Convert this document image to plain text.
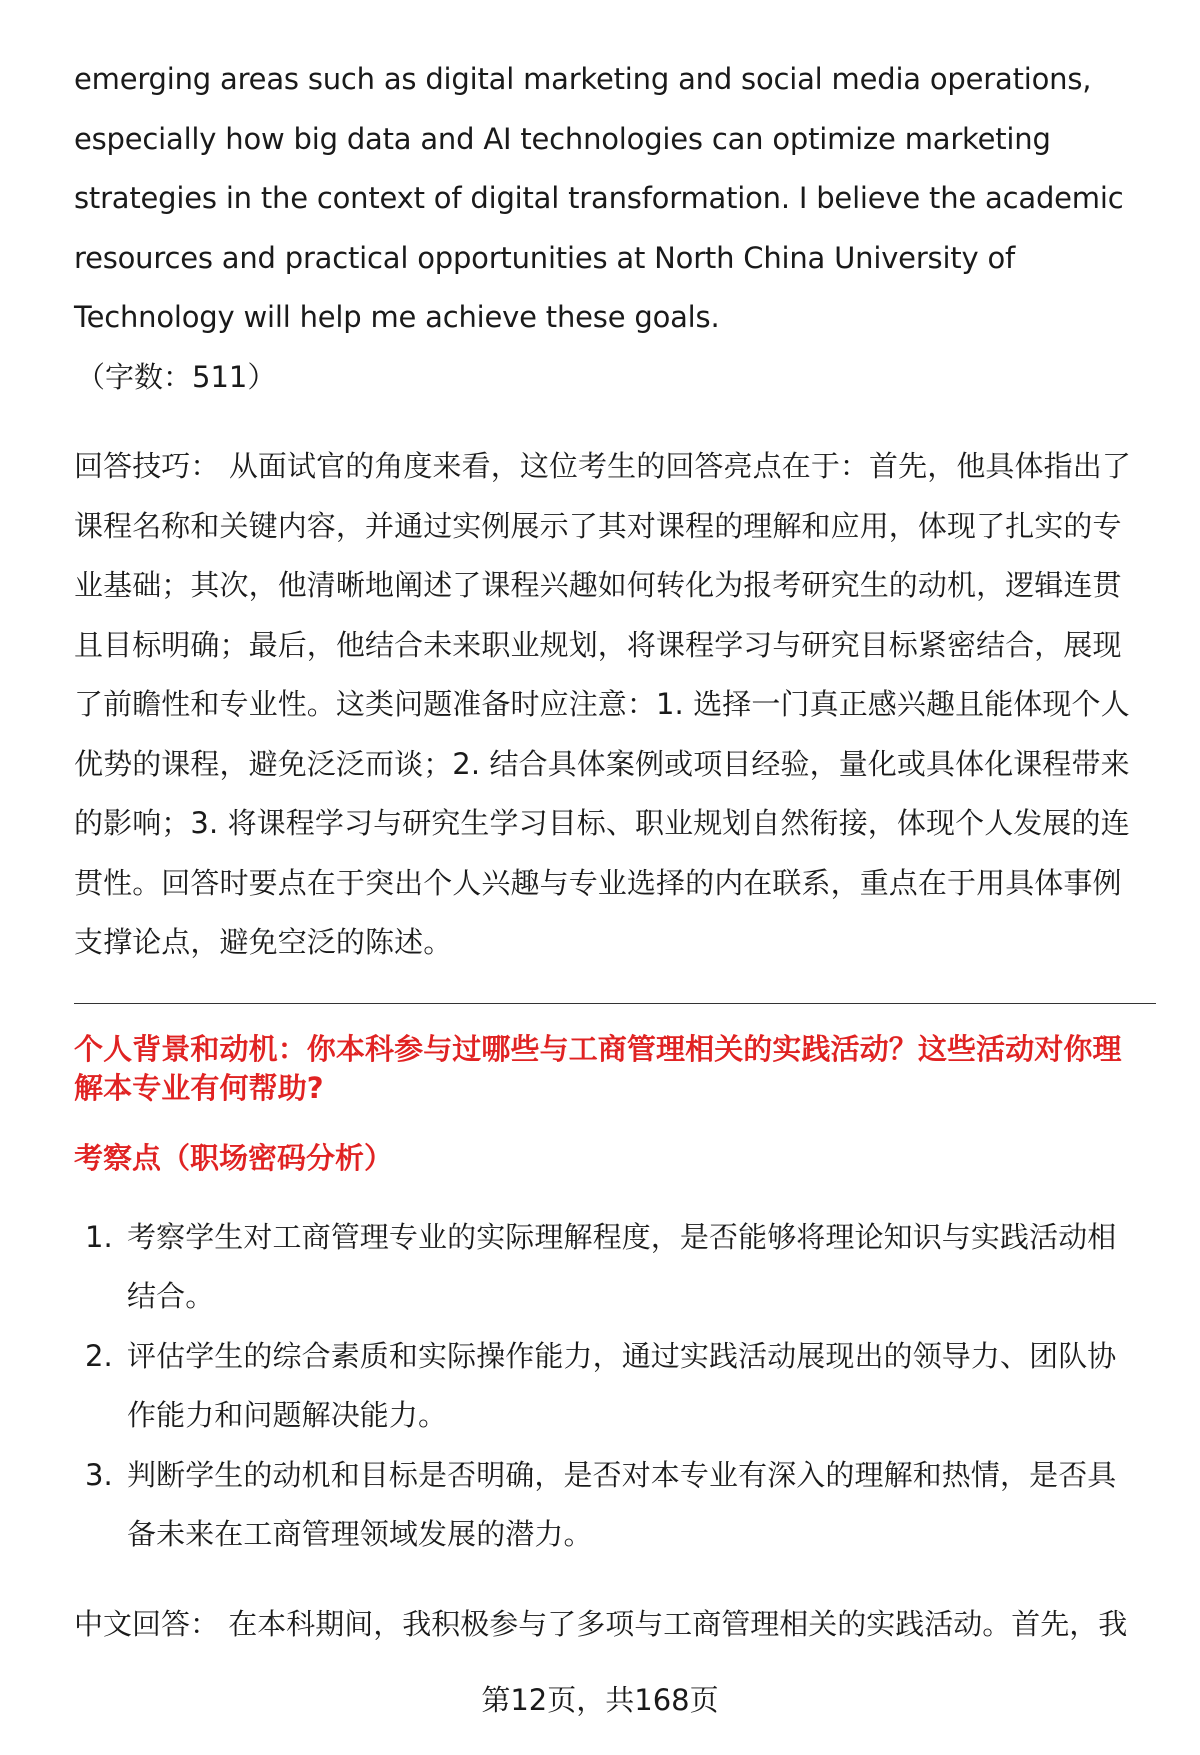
emerging areas such as digital marketing and social media operations,
especially how big data and AI technologies can optimize marketing
strategies in the context of digital transformation. I believe the academic
resources and practical opportunities at North China University of
Technology will help me achieve these goals.
（字数：511）
回答技巧： 从面试官的角度来看，这位考生的回答亮点在于：首先，他具体指出了
课程名称和关键内容，并通过实例展示了其对课程的理解和应用，体现了扎实的专
业基础；其次，他清晰地阐述了课程兴趣如何转化为报考研究生的动机，逻辑连贯
且目标明确；最后，他结合未来职业规划，将课程学习与研究目标紧密结合，展现
了前瞻性和专业性。这类问题准备时应注意：1. 选择一门真正感兴趣且能体现个人
优势的课程，避免泛泛而谈；2. 结合具体案例或项目经验，量化或具体化课程带来
的影响；3. 将课程学习与研究生学习目标、职业规划自然衔接，体现个人发展的连
贯性。回答时要点在于突出个人兴趣与专业选择的内在联系，重点在于用具体事例
支撑论点，避免空泛的陈述。
个人背景和动机：你本科参与过哪些与工商管理相关的实践活动？这些活动对你理
解本专业有何帮助?
考察点（职场密码分析）
1. 考察学生对工商管理专业的实际理解程度，是否能够将理论知识与实践活动相
结合。
2. 评估学生的综合素质和实际操作能力，通过实践活动展现出的领导力、团队协
作能力和问题解决能力。
3. 判断学生的动机和目标是否明确，是否对本专业有深入的理解和热情，是否具
备未来在工商管理领域发展的潜力。
中文回答： 在本科期间，我积极参与了多项与工商管理相关的实践活动。首先，我
第12页，共168页
